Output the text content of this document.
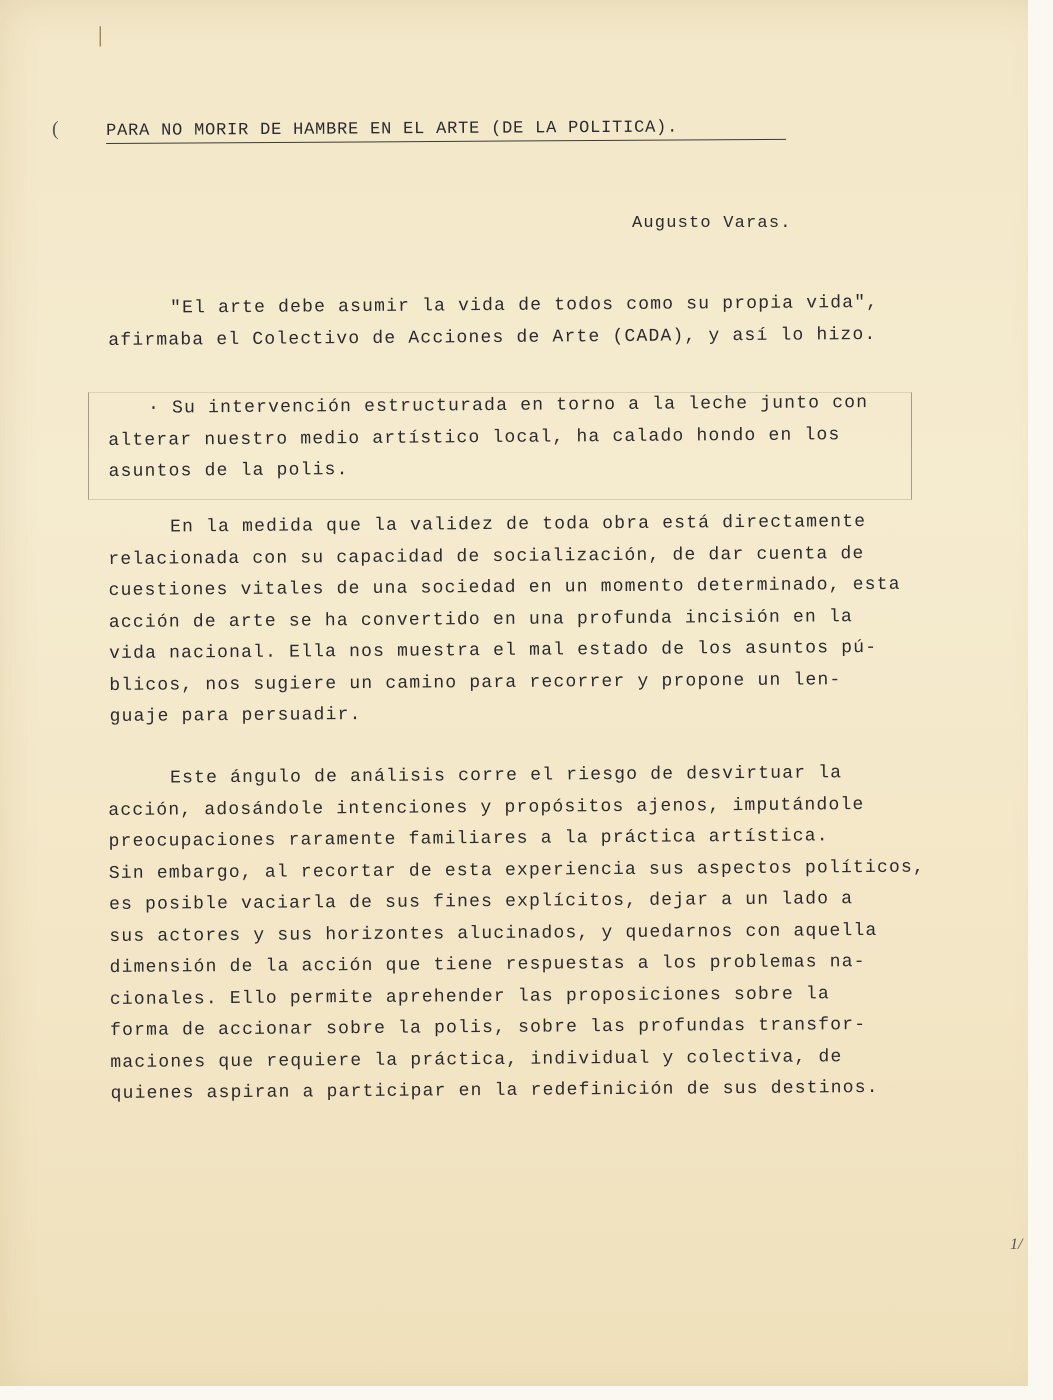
(
|
PARA NO MORIR DE HAMBRE EN EL ARTE (DE LA POLITICA).
Augusto Varas.
"El arte debe asumir la vida de todos como su propia vida",
afirmaba el Colectivo de Acciones de Arte (CADA), y así lo hizo.
· Su intervención estructurada en torno a la leche junto con
alterar nuestro medio artístico local, ha calado hondo en los
asuntos de la polis.
En la medida que la validez de toda obra está directamente
relacionada con su capacidad de socialización, de dar cuenta de
cuestiones vitales de una sociedad en un momento determinado, esta
acción de arte se ha convertido en una profunda incisión en la
vida nacional. Ella nos muestra el mal estado de los asuntos pú-
blicos, nos sugiere un camino para recorrer y propone un len-
guaje para persuadir.
Este ángulo de análisis corre el riesgo de desvirtuar la
acción, adosándole intenciones y propósitos ajenos, imputándole
preocupaciones raramente familiares a la práctica artística.
Sin embargo, al recortar de esta experiencia sus aspectos políticos,
es posible vaciarla de sus fines explícitos, dejar a un lado a
sus actores y sus horizontes alucinados, y quedarnos con aquella
dimensión de la acción que tiene respuestas a los problemas na-
cionales. Ello permite aprehender las proposiciones sobre la
forma de accionar sobre la polis, sobre las profundas transfor-
maciones que requiere la práctica, individual y colectiva, de
quienes aspiran a participar en la redefinición de sus destinos.
1/
